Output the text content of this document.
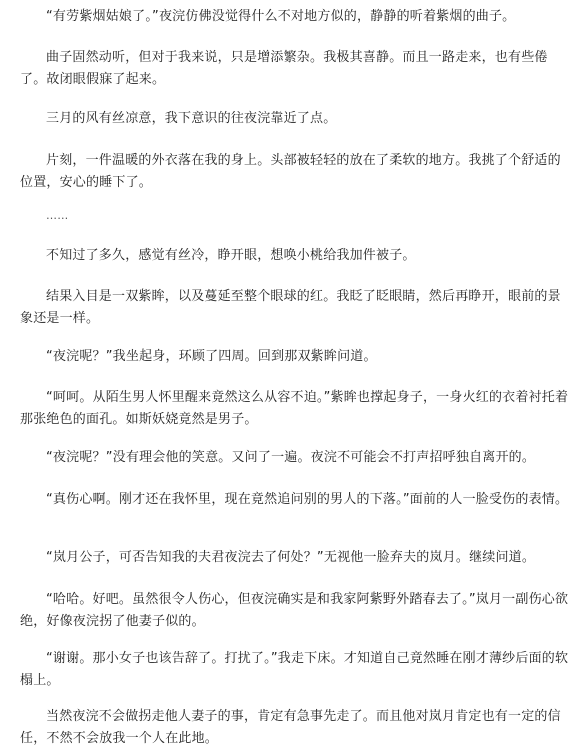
“有劳紫烟姑娘了。”夜浣仿佛没觉得什么不对地方似的，静静的听着紫烟的曲子。

曲子固然动听，但对于我来说，只是增添繁杂。我极其喜静。而且一路走来，也有些倦了。故闭眼假寐了起来。

三月的风有丝凉意，我下意识的往夜浣靠近了点。

片刻，一件温暖的外衣落在我的身上。头部被轻轻的放在了柔软的地方。我挑了个舒适的位置，安心的睡下了。

……

不知过了多久，感觉有丝冷，睁开眼，想唤小桃给我加件被子。

结果入目是一双紫眸，以及蔓延至整个眼球的红。我眨了眨眼睛，然后再睁开，眼前的景象还是一样。

“夜浣呢？”我坐起身，环顾了四周。回到那双紫眸问道。

“呵呵。从陌生男人怀里醒来竟然这么从容不迫。”紫眸也撑起身子，一身火红的衣着衬托着那张绝色的面孔。如斯妖娆竟然是男子。

“夜浣呢？”没有理会他的笑意。又问了一遍。夜浣不可能会不打声招呼独自离开的。

“真伤心啊。刚才还在我怀里，现在竟然追问别的男人的下落。”面前的人一脸受伤的表情。

“岚月公子，可否告知我的夫君夜浣去了何处？”无视他一脸弃夫的岚月。继续问道。

“哈哈。好吧。虽然很令人伤心，但夜浣确实是和我家阿紫野外踏春去了。”岚月一副伤心欲绝，好像夜浣拐了他妻子似的。

“谢谢。那小女子也该告辞了。打扰了。”我走下床。才知道自己竟然睡在刚才薄纱后面的软榻上。

当然夜浣不会做拐走他人妻子的事，肯定有急事先走了。而且他对岚月肯定也有一定的信任，不然不会放我一个人在此地。
